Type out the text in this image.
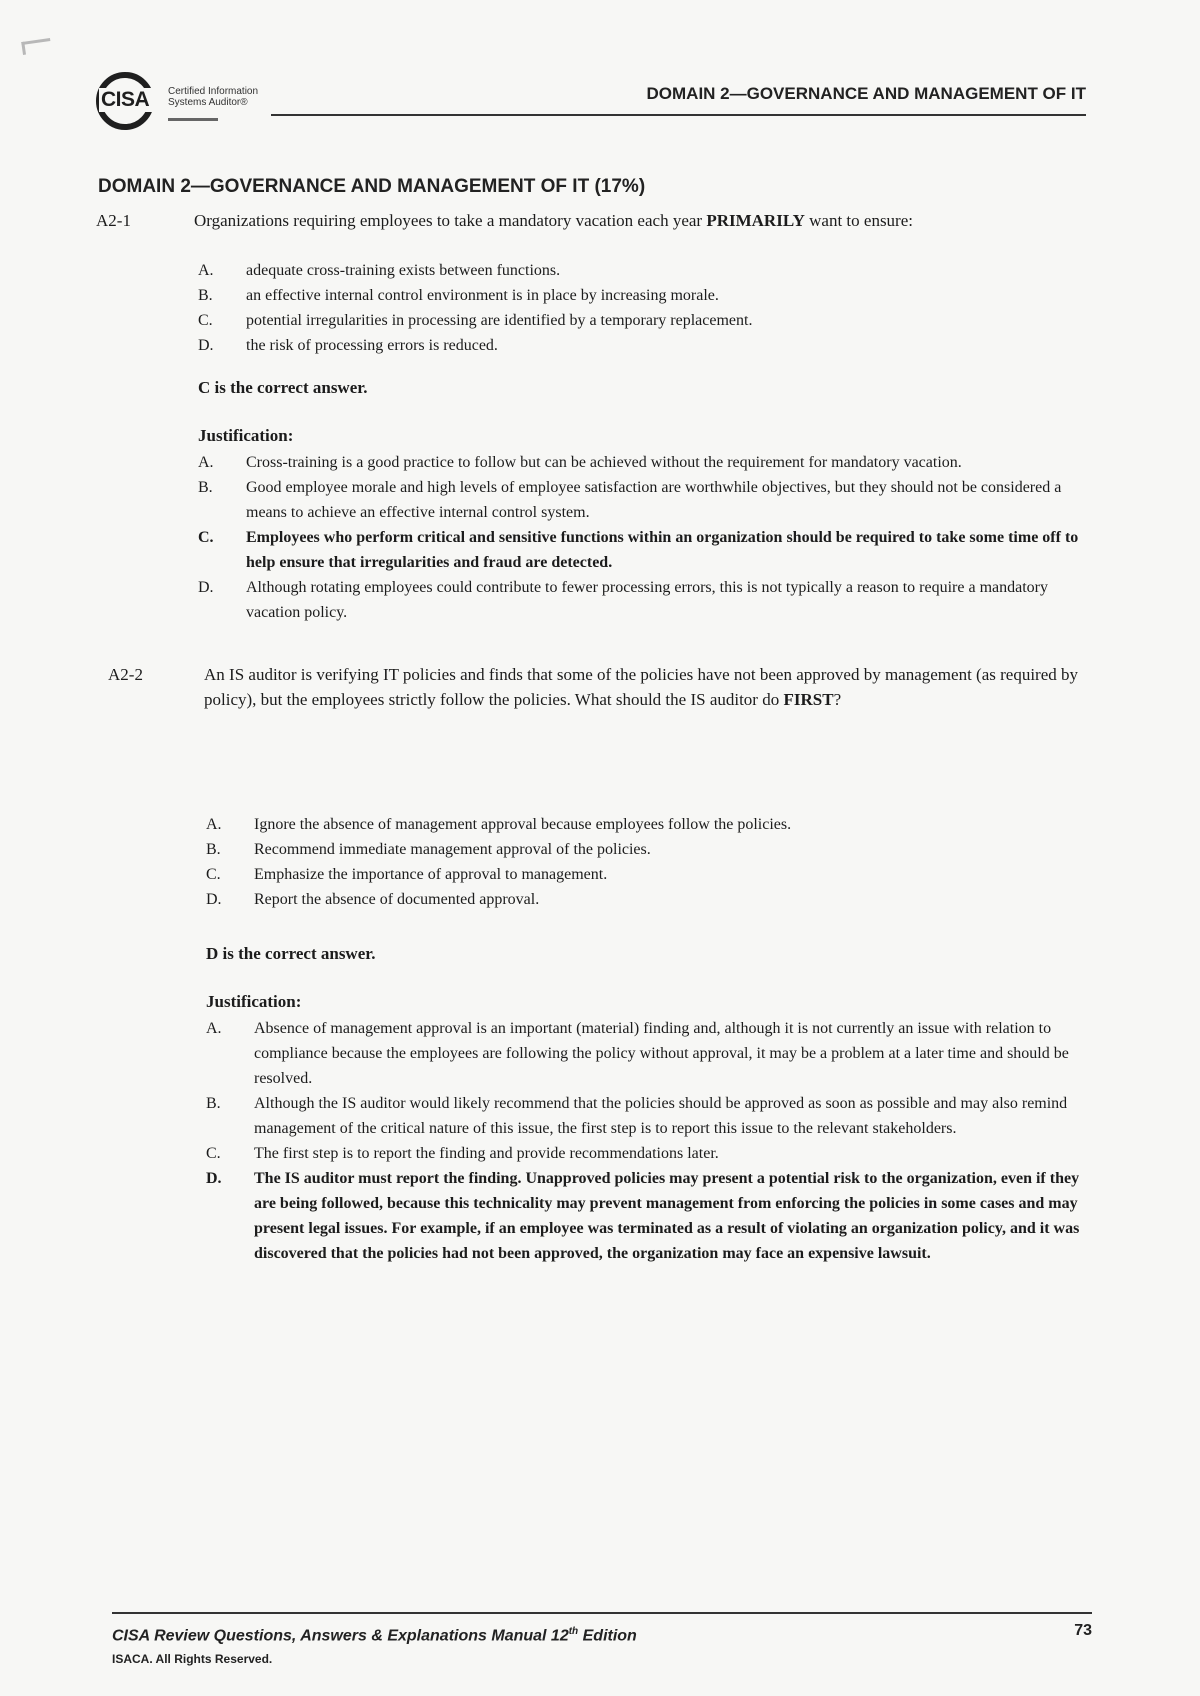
CISA	Certified Information Systems Auditor®	DOMAIN 2—GOVERNANCE AND MANAGEMENT OF IT
DOMAIN 2—GOVERNANCE AND MANAGEMENT OF IT (17%)
A2-1	Organizations requiring employees to take a mandatory vacation each year PRIMARILY want to ensure:
A. adequate cross-training exists between functions.
B. an effective internal control environment is in place by increasing morale.
C. potential irregularities in processing are identified by a temporary replacement.
D. the risk of processing errors is reduced.
C is the correct answer.
Justification:
A. Cross-training is a good practice to follow but can be achieved without the requirement for mandatory vacation.
B. Good employee morale and high levels of employee satisfaction are worthwhile objectives, but they should not be considered a means to achieve an effective internal control system.
C. Employees who perform critical and sensitive functions within an organization should be required to take some time off to help ensure that irregularities and fraud are detected.
D. Although rotating employees could contribute to fewer processing errors, this is not typically a reason to require a mandatory vacation policy.
A2-2	An IS auditor is verifying IT policies and finds that some of the policies have not been approved by management (as required by policy), but the employees strictly follow the policies. What should the IS auditor do FIRST?
A. Ignore the absence of management approval because employees follow the policies.
B. Recommend immediate management approval of the policies.
C. Emphasize the importance of approval to management.
D. Report the absence of documented approval.
D is the correct answer.
Justification:
A. Absence of management approval is an important (material) finding and, although it is not currently an issue with relation to compliance because the employees are following the policy without approval, it may be a problem at a later time and should be resolved.
B. Although the IS auditor would likely recommend that the policies should be approved as soon as possible and may also remind management of the critical nature of this issue, the first step is to report this issue to the relevant stakeholders.
C. The first step is to report the finding and provide recommendations later.
D. The IS auditor must report the finding. Unapproved policies may present a potential risk to the organization, even if they are being followed, because this technicality may prevent management from enforcing the policies in some cases and may present legal issues. For example, if an employee was terminated as a result of violating an organization policy, and it was discovered that the policies had not been approved, the organization may face an expensive lawsuit.
CISA Review Questions, Answers & Explanations Manual 12th Edition
ISACA. All Rights Reserved.
73
